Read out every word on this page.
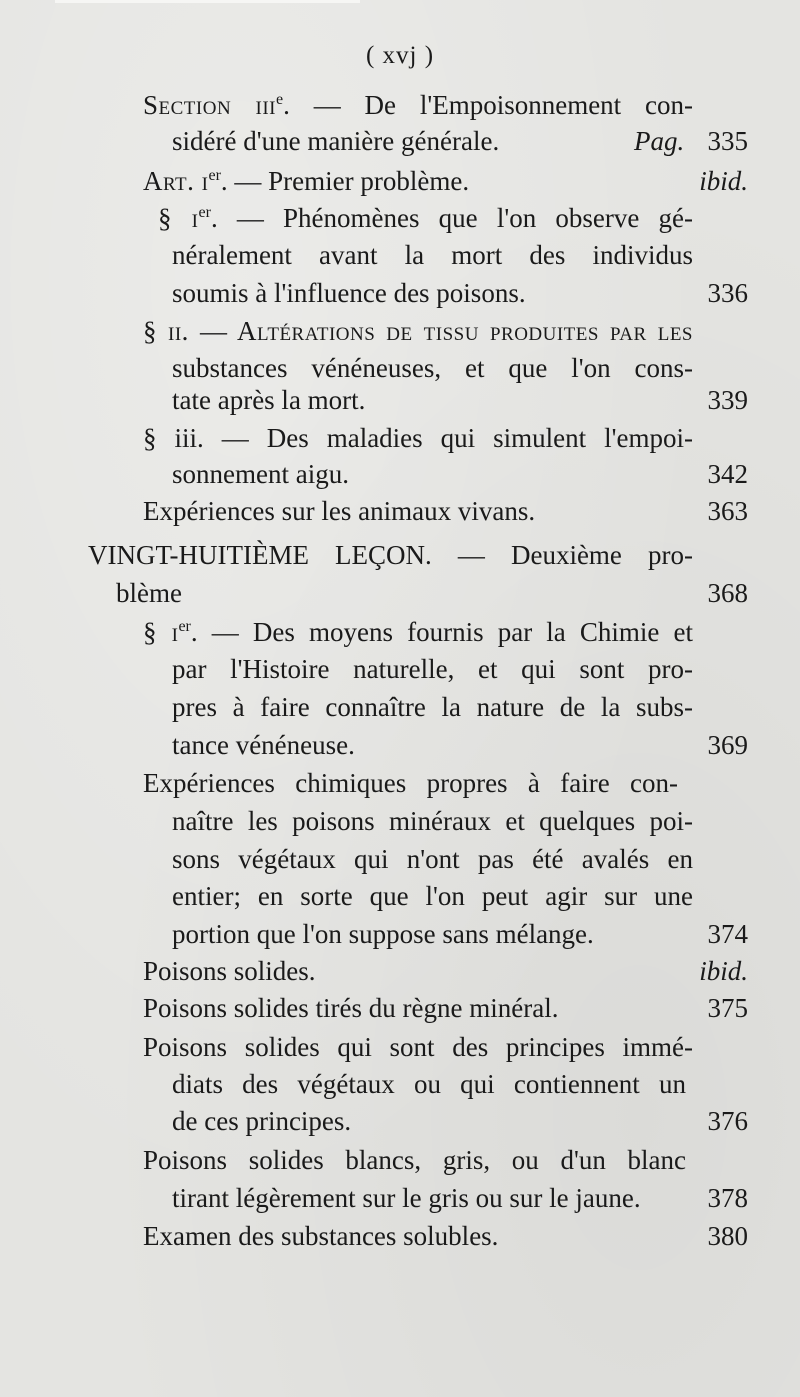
( xvj )
Section iii$^e$. — De l'Empoisonnement con-
sidéré d'une manière générale.	Pag. 335
Art. $i^{er}$. — Premier problème.	ibid.
§ $i^{er}$. — Phénomènes que l'on observe gé-
néralement avant la mort des individus
soumis à l'influence des poisons.	336
§ ii. — Altérations de tissu produites par les
substances vénéneuses, et que l'on cons-
tate après la mort.	339
§ iii. — Des maladies qui simulent l'empoi-
sonnement aigu.	342
Expériences sur les animaux vivans.	363
VINGT-HUITIÈME LEÇON. — Deuxième pro-
blème	368
§ $i^{er}$. — Des moyens fournis par la Chimie et
par l'Histoire naturelle, et qui sont pro-
pres à faire connaître la nature de la subs-
tance vénéneuse.	369
Expériences chimiques propres à faire con-
naître les poisons minéraux et quelques poi-
sons végétaux qui n'ont pas été avalés en
entier; en sorte que l'on peut agir sur une
portion que l'on suppose sans mélange.	374
Poisons solides.	ibid.
Poisons solides tirés du règne minéral.	375
Poisons solides qui sont des principes immé-
diats des végétaux ou qui contiennent un
de ces principes.	376
Poisons solides blancs, gris, ou d'un blanc
tirant légèrement sur le gris ou sur le jaune. 378
Examen des substances solubles.	380
